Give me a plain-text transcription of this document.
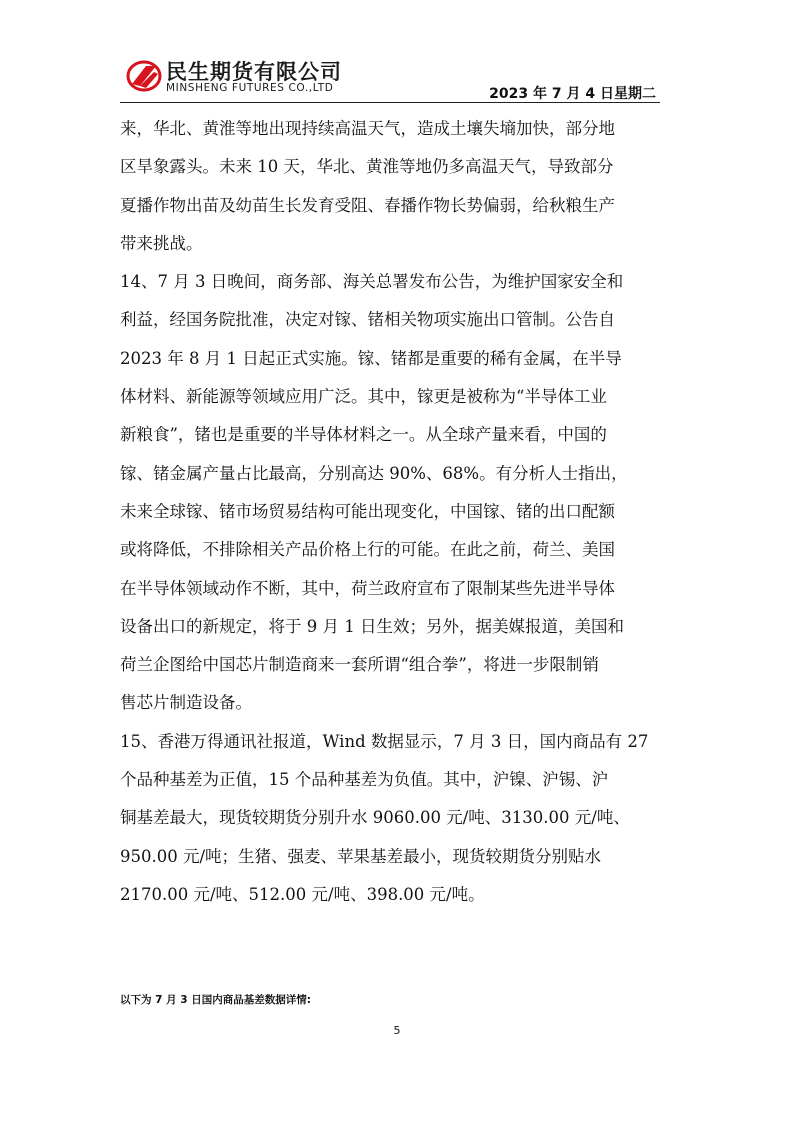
民生期货有限公司
MINSHENG FUTURES CO.,LTD	2023 年 7 月 4 日星期二

来，华北、黄淮等地出现持续高温天气，造成土壤失墒加快，部分地
区旱象露头。未来 10 天，华北、黄淮等地仍多高温天气，导致部分
夏播作物出苗及幼苗生长发育受阻、春播作物长势偏弱，给秋粮生产
带来挑战。

14、7 月 3 日晚间，商务部、海关总署发布公告，为维护国家安全和
利益，经国务院批准，决定对镓、锗相关物项实施出口管制。公告自
2023 年 8 月 1 日起正式实施。镓、锗都是重要的稀有金属，在半导
体材料、新能源等领域应用广泛。其中，镓更是被称为“半导体工业
新粮食”，锗也是重要的半导体材料之一。从全球产量来看，中国的
镓、锗金属产量占比最高，分别高达 90%、68%。有分析人士指出，
未来全球镓、锗市场贸易结构可能出现变化，中国镓、锗的出口配额
或将降低，不排除相关产品价格上行的可能。在此之前，荷兰、美国
在半导体领域动作不断，其中，荷兰政府宣布了限制某些先进半导体
设备出口的新规定，将于 9 月 1 日生效；另外，据美媒报道，美国和
荷兰企图给中国芯片制造商来一套所谓“组合拳”，将进一步限制销
售芯片制造设备。

15、香港万得通讯社报道，Wind 数据显示，7 月 3 日，国内商品有 27
个品种基差为正值，15 个品种基差为负值。其中，沪镍、沪锡、沪
铜基差最大，现货较期货分别升水 9060.00 元/吨、3130.00 元/吨、
950.00 元/吨；生猪、强麦、苹果基差最小，现货较期货分别贴水
2170.00 元/吨、512.00 元/吨、398.00 元/吨。

以下为 7 月 3 日国内商品基差数据详情:
5
